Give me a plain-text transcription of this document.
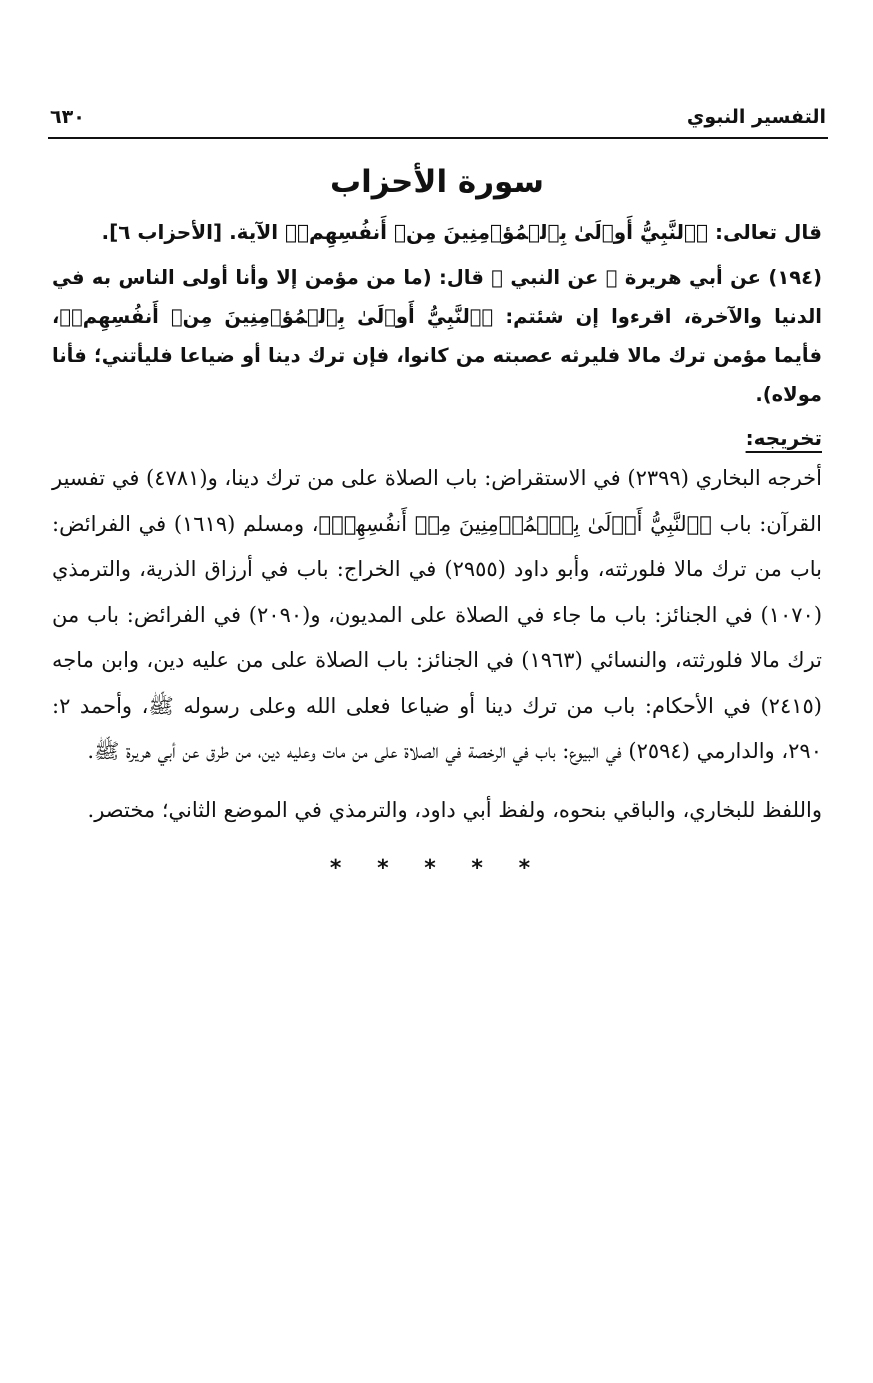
التفسير النبوي
٦٣٠
سورة الأحزاب

قال تعالى: ﴿ٱلنَّبِيُّ أَوۡلَىٰ بِٱلۡمُؤۡمِنِينَ مِنۡ أَنفُسِهِمۡ﴾ الآية. [الأحزاب ٦].

(١٩٤) عن أبي هريرة ﷺ عن النبي ﷺ قال: (ما من مؤمن إلا وأنا أولى الناس به في الدنيا والآخرة، اقرءوا إن شئتم: ﴿ٱلنَّبِيُّ أَوۡلَىٰ بِٱلۡمُؤۡمِنِينَ مِنۡ أَنفُسِهِمۡ﴾، فأيما مؤمن ترك مالا فليرثه عصبته من كانوا، فإن ترك دينا أو ضياعا فليأتني؛ فأنا مولاه).

تخريجه:

أخرجه البخاري (٢٣٩٩) في الاستقراض: باب الصلاة على من ترك دينا، و(٤٧٨١) في تفسير القرآن: باب ﴿ٱلنَّبِيُّ أَوۡلَىٰ بِٱلۡمُؤۡمِنِينَ مِنۡ أَنفُسِهِمۡ﴾، ومسلم (١٦١٩) في الفرائض: باب من ترك مالا فلورثته، وأبو داود (٢٩٥٥) في الخراج: باب في أرزاق الذرية، والترمذي (١٠٧٠) في الجنائز: باب ما جاء في الصلاة على المديون، و(٢٠٩٠) في الفرائض: باب من ترك مالا فلورثته، والنسائي (١٩٦٣) في الجنائز: باب الصلاة على من عليه دين، وابن ماجه (٢٤١٥) في الأحكام: باب من ترك دينا أو ضياعا فعلى الله وعلى رسوله ﷺ، وأحمد ٢: ٢٩٠، والدارمي (٢٥٩٤) في البيوع: باب في الرخصة في الصلاة على من مات وعليه دين، من طرق عن أبي هريرة ﷺ.

واللفظ للبخاري، والباقي بنحوه، ولفظ أبي داود، والترمذي في الموضع الثاني؛ مختصر.

* * * * *
